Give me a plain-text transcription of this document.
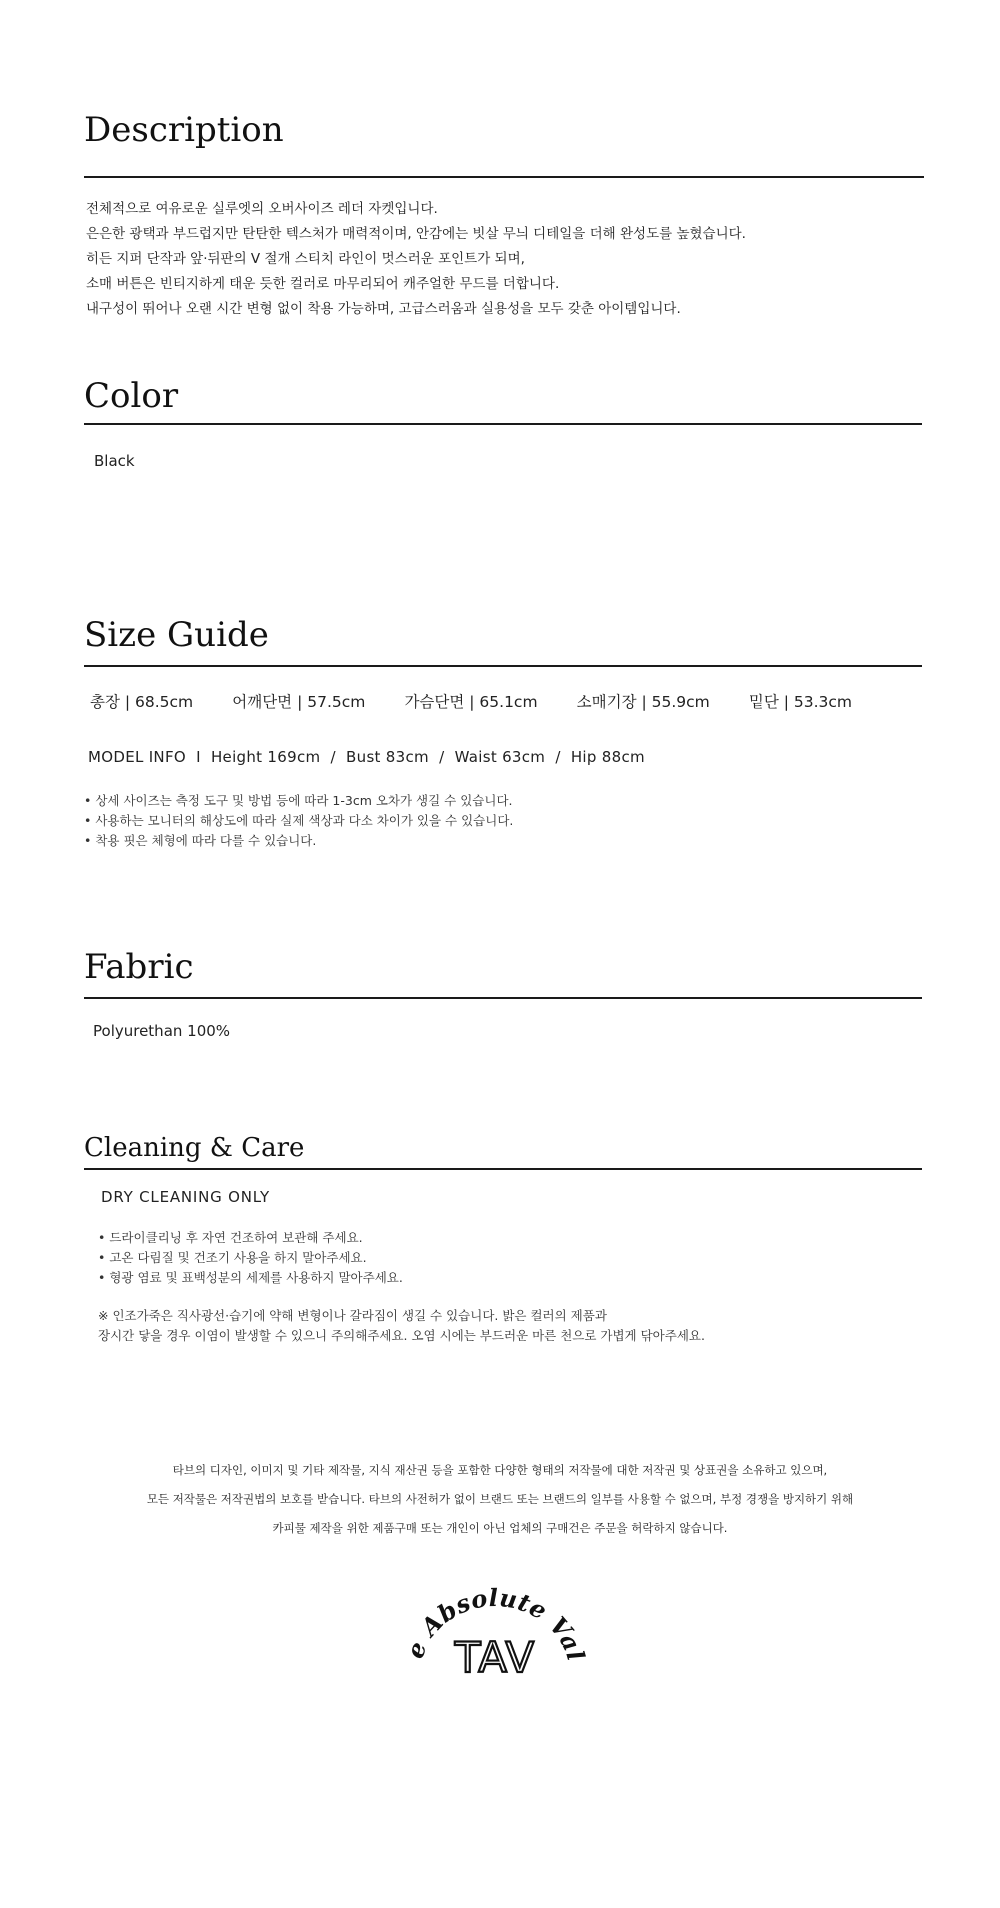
Description
전체적으로 여유로운 실루엣의 오버사이즈 레더 자켓입니다.
은은한 광택과 부드럽지만 탄탄한 텍스처가 매력적이며, 안감에는 빗살 무늬 디테일을 더해 완성도를 높혔습니다.
히든 지퍼 단작과 앞·뒤판의 V 절개 스티치 라인이 멋스러운 포인트가 되며,
소매 버튼은 빈티지하게 태운 듯한 컬러로 마무리되어 캐주얼한 무드를 더합니다.
내구성이 뛰어나 오랜 시간 변형 없이 착용 가능하며, 고급스러움과 실용성을 모두 갖춘 아이템입니다.
Color
Black
Size Guide
총장 | 68.5cm	어깨단면 | 57.5cm	가슴단면 | 65.1cm	소매기장 | 55.9cm	밑단 | 53.3cm
MODEL INFO  I  Height 169cm  /  Bust 83cm  /  Waist 63cm  /  Hip 88cm
• 상세 사이즈는 측정 도구 및 방법 등에 따라 1-3cm 오차가 생길 수 있습니다.
• 사용하는 모니터의 해상도에 따라 실제 색상과 다소 차이가 있을 수 있습니다.
• 착용 핏은 체형에 따라 다를 수 있습니다.
Fabric
Polyurethan 100%
Cleaning & Care
DRY CLEANING ONLY
• 드라이클리닝 후 자연 건조하여 보관해 주세요.
• 고온 다림질 및 건조기 사용을 하지 말아주세요.
• 형광 염료 및 표백성분의 세제를 사용하지 말아주세요.
※ 인조가죽은 직사광선·습기에 약해 변형이나 갈라짐이 생길 수 있습니다. 밝은 컬러의 제품과
장시간 닿을 경우 이염이 발생할 수 있으니 주의해주세요. 오염 시에는 부드러운 마른 천으로 가볍게 닦아주세요.
타브의 디자인, 이미지 및 기타 제작물, 지식 재산권 등을 포함한 다양한 형태의 저작물에 대한 저작권 및 상표권을 소유하고 있으며,
모든 저작물은 저작권법의 보호를 받습니다. 타브의 사전허가 없이 브랜드 또는 브랜드의 일부를 사용할 수 없으며, 부정 경쟁을 방지하기 위해
카피물 제작을 위한 제품구매 또는 개인이 아닌 업체의 구매건은 주문을 허락하지 않습니다.
e Absolute Val
TAV
